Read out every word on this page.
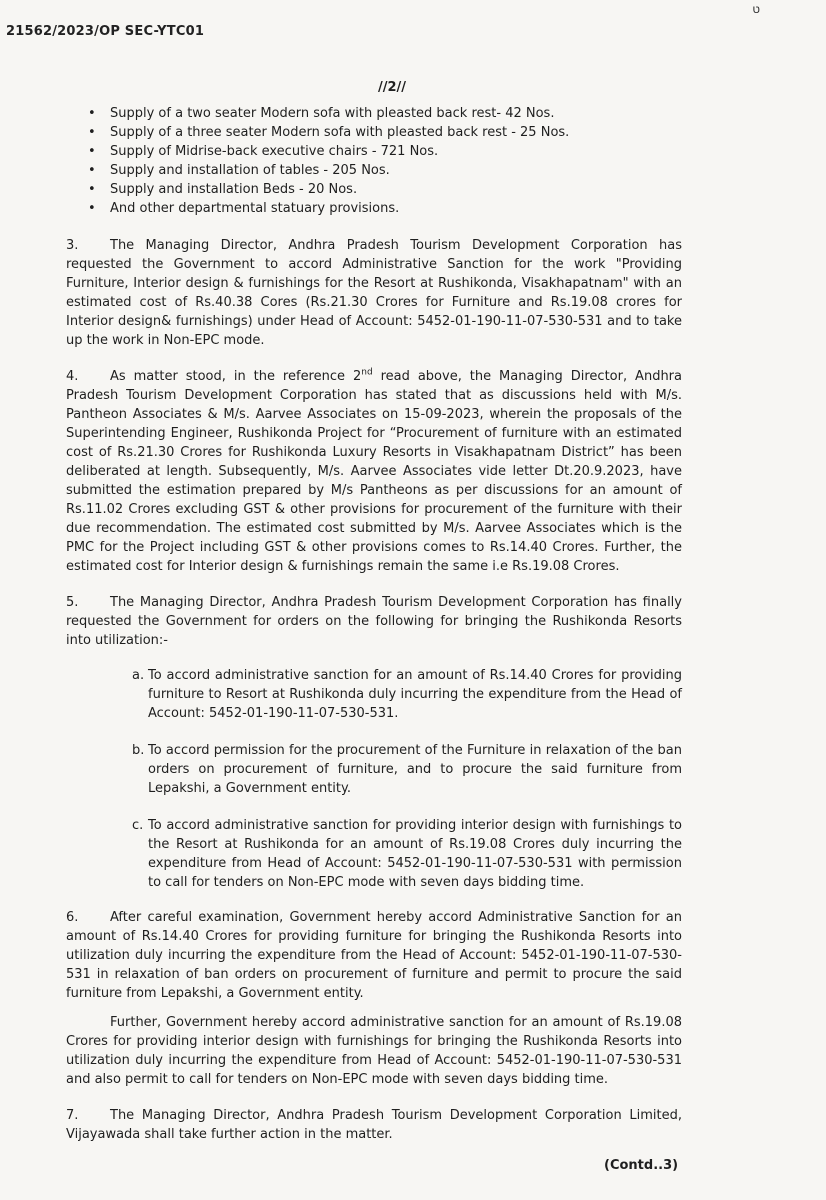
21562/2023/OP SEC-YTC01
ט
//2//
• Supply of a two seater Modern sofa with pleasted back rest- 42 Nos.
• Supply of a three seater Modern sofa with pleasted back rest - 25 Nos.
• Supply of Midrise-back executive chairs - 721 Nos.
• Supply and installation of tables - 205 Nos.
• Supply and installation Beds - 20 Nos.
• And other departmental statuary provisions.

3. The Managing Director, Andhra Pradesh Tourism Development Corporation has requested the Government to accord Administrative Sanction for the work "Providing Furniture, Interior design & furnishings for the Resort at Rushikonda, Visakhapatnam" with an estimated cost of Rs.40.38 Cores (Rs.21.30 Crores for Furniture and Rs.19.08 crores for Interior design& furnishings) under Head of Account: 5452-01-190-11-07-530-531 and to take up the work in Non-EPC mode.

4. As matter stood, in the reference 2nd read above, the Managing Director, Andhra Pradesh Tourism Development Corporation has stated that as discussions held with M/s. Pantheon Associates & M/s. Aarvee Associates on 15-09-2023, wherein the proposals of the Superintending Engineer, Rushikonda Project for “Procurement of furniture with an estimated cost of Rs.21.30 Crores for Rushikonda Luxury Resorts in Visakhapatnam District” has been deliberated at length. Subsequently, M/s. Aarvee Associates vide letter Dt.20.9.2023, have submitted the estimation prepared by M/s Pantheons as per discussions for an amount of Rs.11.02 Crores excluding GST & other provisions for procurement of the furniture with their due recommendation. The estimated cost submitted by M/s. Aarvee Associates which is the PMC for the Project including GST & other provisions comes to Rs.14.40 Crores. Further, the estimated cost for Interior design & furnishings remain the same i.e Rs.19.08 Crores.

5. The Managing Director, Andhra Pradesh Tourism Development Corporation has finally requested the Government for orders on the following for bringing the Rushikonda Resorts into utilization:-

a. To accord administrative sanction for an amount of Rs.14.40 Crores for providing furniture to Resort at Rushikonda duly incurring the expenditure from the Head of Account: 5452-01-190-11-07-530-531.
b. To accord permission for the procurement of the Furniture in relaxation of the ban orders on procurement of furniture, and to procure the said furniture from Lepakshi, a Government entity.
c. To accord administrative sanction for providing interior design with furnishings to the Resort at Rushikonda for an amount of Rs.19.08 Crores duly incurring the expenditure from Head of Account: 5452-01-190-11-07-530-531 with permission to call for tenders on Non-EPC mode with seven days bidding time.

6. After careful examination, Government hereby accord Administrative Sanction for an amount of Rs.14.40 Crores for providing furniture for bringing the Rushikonda Resorts into utilization duly incurring the expenditure from the Head of Account: 5452-01-190-11-07-530-531 in relaxation of ban orders on procurement of furniture and permit to procure the said furniture from Lepakshi, a Government entity.

Further, Government hereby accord administrative sanction for an amount of Rs.19.08 Crores for providing interior design with furnishings for bringing the Rushikonda Resorts into utilization duly incurring the expenditure from Head of Account: 5452-01-190-11-07-530-531 and also permit to call for tenders on Non-EPC mode with seven days bidding time.

7. The Managing Director, Andhra Pradesh Tourism Development Corporation Limited, Vijayawada shall take further action in the matter.

(Contd..3)
